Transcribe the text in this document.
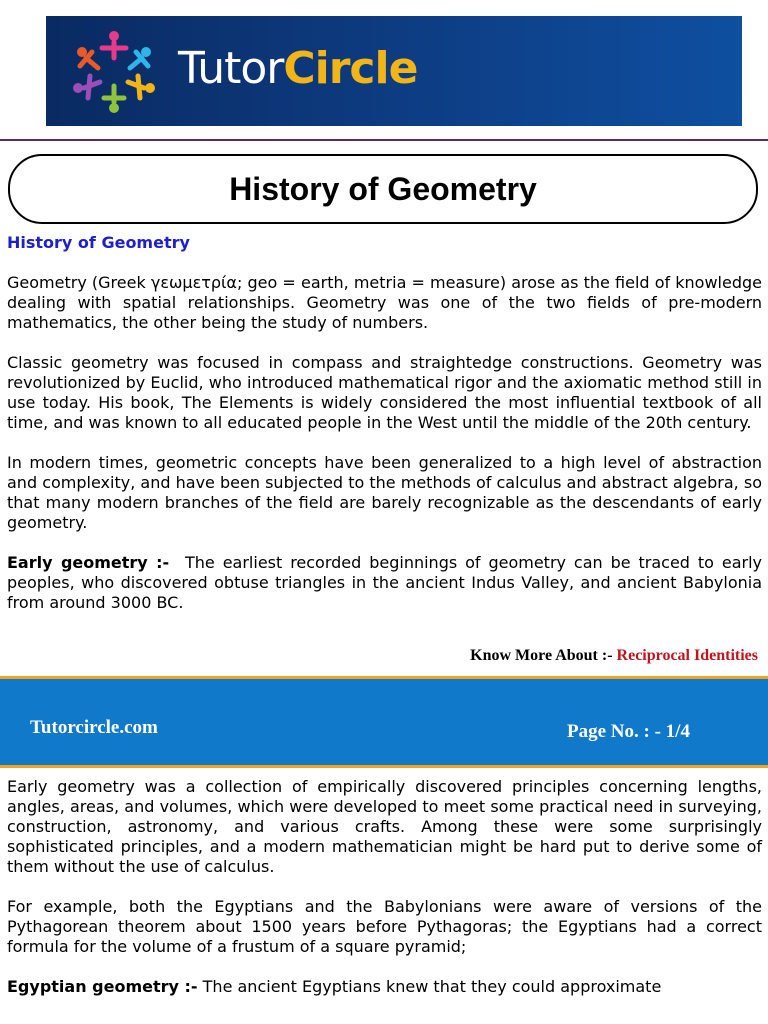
TutorCircle
History of Geometry
History of Geometry

Geometry (Greek γεωμετρία; geo = earth, metria = measure) arose as the field of knowledge dealing with spatial relationships. Geometry was one of the two fields of pre-modern mathematics, the other being the study of numbers.

Classic geometry was focused in compass and straightedge constructions. Geometry was revolutionized by Euclid, who introduced mathematical rigor and the axiomatic method still in use today. His book, The Elements is widely considered the most influential textbook of all time, and was known to all educated people in the West until the middle of the 20th century.

In modern times, geometric concepts have been generalized to a high level of abstraction and complexity, and have been subjected to the methods of calculus and abstract algebra, so that many modern branches of the field are barely recognizable as the descendants of early geometry.

Early geometry :- The earliest recorded beginnings of geometry can be traced to early peoples, who discovered obtuse triangles in the ancient Indus Valley, and ancient Babylonia from around 3000 BC.

Know More About :- Reciprocal Identities
Tutorcircle.com	Page No. : - 1/4

Early geometry was a collection of empirically discovered principles concerning lengths, angles, areas, and volumes, which were developed to meet some practical need in surveying, construction, astronomy, and various crafts. Among these were some surprisingly sophisticated principles, and a modern mathematician might be hard put to derive some of them without the use of calculus.

For example, both the Egyptians and the Babylonians were aware of versions of the Pythagorean theorem about 1500 years before Pythagoras; the Egyptians had a correct formula for the volume of a frustum of a square pyramid;

Egyptian geometry :- The ancient Egyptians knew that they could approximate
